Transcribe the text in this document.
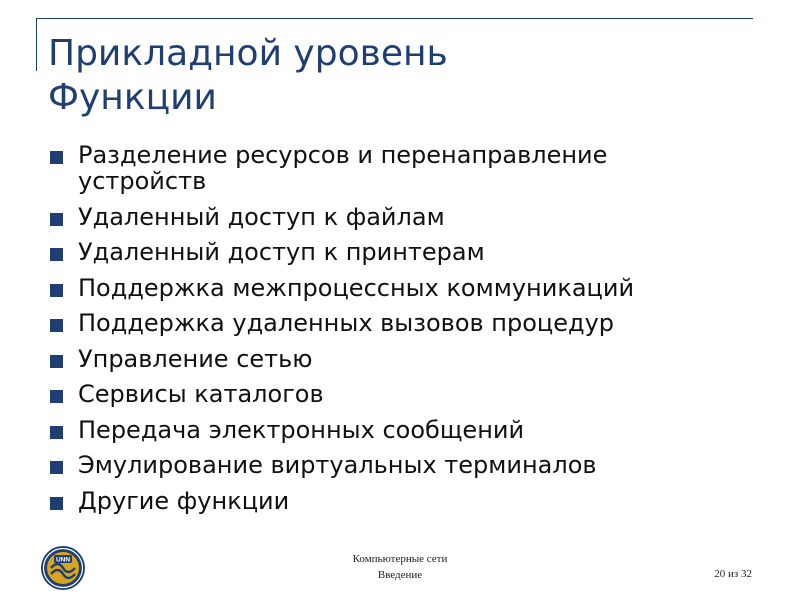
Прикладной уровень
Функции
Разделение ресурсов и перенаправление устройств
Удаленный доступ к файлам
Удаленный доступ к принтерам
Поддержка межпроцессных коммуникаций
Поддержка удаленных вызовов процедур
Управление сетью
Сервисы каталогов
Передача электронных сообщений
Эмулирование виртуальных терминалов
Другие функции
UNN	Компьютерные сети
Введение	20 из 32
